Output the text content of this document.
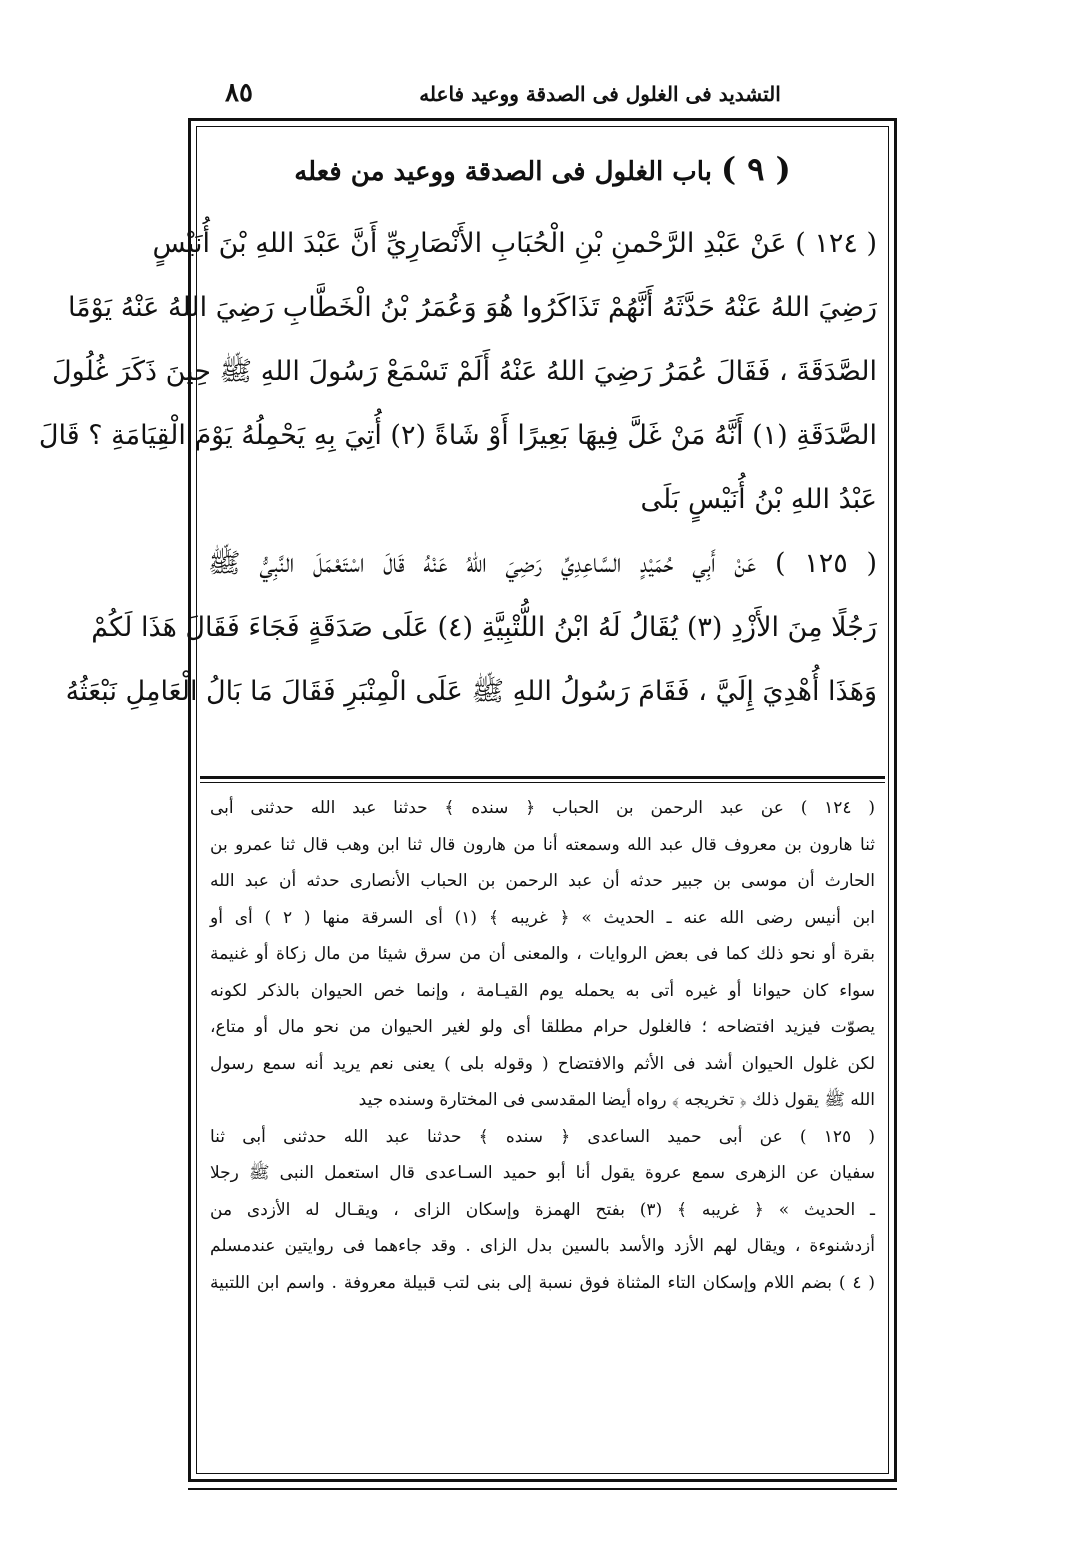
٨٥	التشديد فى الغلول فى الصدقة ووعيد فاعله
( ٩ ) باب الغلول فى الصدقة ووعيد من فعله
( ١٢٤ ) عَنْ عَبْدِ الرَّحْمنِ بْنِ الْحُبَابِ الأَنْصَارِيِّ أَنَّ عَبْدَ اللهِ بْنَ أُنَيْسٍ
رَضِيَ اللهُ عَنْهُ حَدَّثَهُ أَنَّهُمْ تَذَاكَرُوا هُوَ وَعُمَرُ بْنُ الْخَطَّابِ رَضِيَ اللهُ عَنْهُ يَوْمًا
الصَّدَقَةَ ، فَقَالَ عُمَرُ رَضِيَ اللهُ عَنْهُ أَلَمْ تَسْمَعْ رَسُولَ اللهِ ﷺ حِينَ ذَكَرَ غُلُولَ
الصَّدَقَةِ (١) أَنَّهُ مَنْ غَلَّ فِيهَا بَعِيرًا أَوْ شَاةً (٢) أُتِيَ بِهِ يَحْمِلُهُ يَوْمَ الْقِيَامَةِ ؟ قَالَ
عَبْدُ اللهِ بْنُ أُنَيْسٍ بَلَى
( ١٢٥ ) عَنْ أَبِي حُمَيْدٍ السَّاعِدِيِّ رَضِيَ اللهُ عَنْهُ قَالَ اسْتَعْمَلَ النَّبِيُّ ﷺ
رَجُلًا مِنَ الأَزْدِ (٣) يُقَالُ لَهُ ابْنُ اللُّتْبِيَّةِ (٤) عَلَى صَدَقَةٍ فَجَاءَ فَقَالَ هَذَا لَكُمْ
وَهَذَا أُهْدِيَ إِلَيَّ ، فَقَامَ رَسُولُ اللهِ ﷺ عَلَى الْمِنْبَرِ فَقَالَ مَا بَالُ الْعَامِلِ نَبْعَثُهُ
( ١٢٤ ) عن عبد الرحمن بن الحباب ﴿ سنده ﴾ حدثنا عبد الله حدثنى أبى
ثنا هارون بن معروف قال عبد الله وسمعته أنا من هارون قال ثنا ابن وهب قال ثنا عمرو بن
الحارث أن موسى بن جبير حدثه أن عبد الرحمن بن الحباب الأنصارى حدثه أن عبد الله
ابن أنيس رضى الله عنه ـ الحديث » ﴿ غريبه ﴾ (١) أى السرقة منها ( ٢ ) أى أو
بقرة أو نحو ذلك كما فى بعض الروايات ، والمعنى أن من سرق شيئا من مال زكاة أو غنيمة
سواء كان حيوانا أو غيره أتى به يحمله يوم القيـامة ، وإنما خص الحيوان بالذكر لكونه
يصوّت فيزيد افتضاحه ؛ فالغلول حرام مطلقا أى ولو لغير الحيوان من نحو مال أو متاع،
لكن غلول الحيوان أشد فى الأثم والافتضاح ( وقوله بلى ) يعنى نعم يريد أنه سمع رسول
الله ﷺ يقول ذلك ﴿ تخريجه ﴾ رواه أيضا المقدسى فى المختارة وسنده جيد
( ١٢٥ ) عن أبى حميد الساعدى ﴿ سنده ﴾ حدثنا عبد الله حدثنى أبى ثنا
سفيان عن الزهرى سمع عروة يقول أنا أبو حميد السـاعدى قال استعمل النبى ﷺ رجلا
ـ الحديث » ﴿ غريبه ﴾ (٣) بفتح الهمزة وإسكان الزاى ، ويقـال له الأزدى من
أزدشنوءة ، ويقال لهم الأزد والأسد بالسين بدل الزاى . وقد جاءهما فى روايتين عندمسلم
( ٤ ) بضم اللام وإسكان التاء المثناة فوق نسبة إلى بنى لتب قبيلة معروفة . واسم ابن اللتبية
